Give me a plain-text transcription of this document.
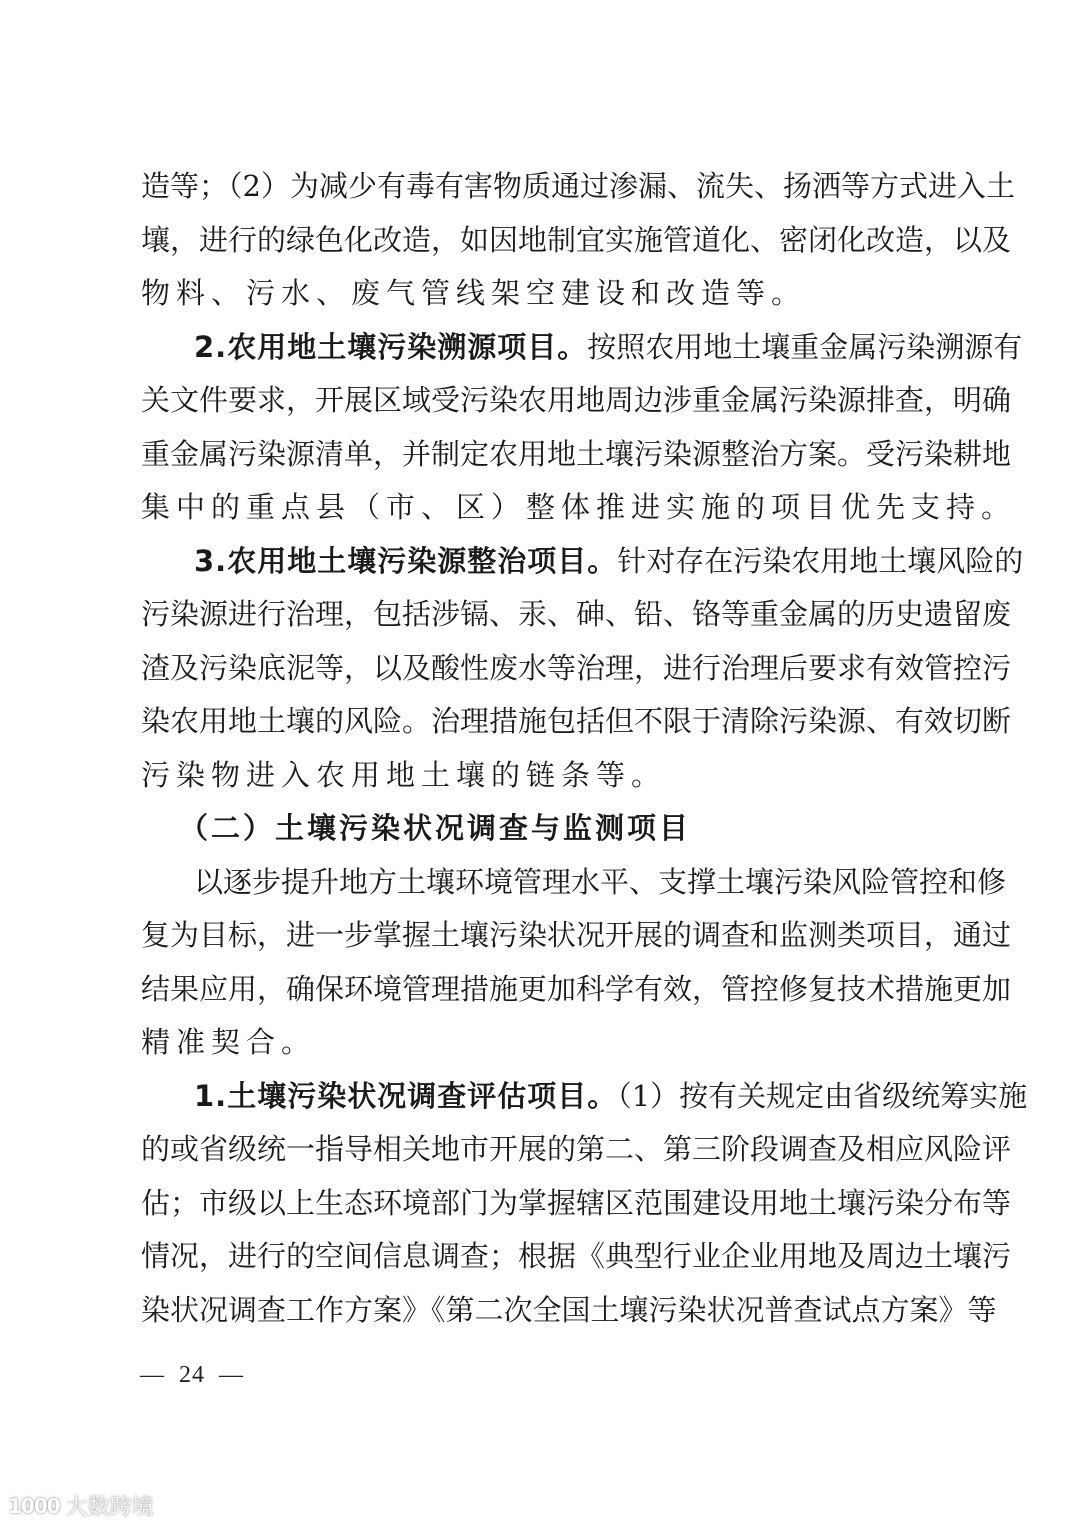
造等；（2）为减少有毒有害物质通过渗漏、流失、扬洒等方式进入土
壤，进行的绿色化改造，如因地制宜实施管道化、密闭化改造，以及
物料、污水、废气管线架空建设和改造等。
2.农用地土壤污染溯源项目。按照农用地土壤重金属污染溯源有
关文件要求，开展区域受污染农用地周边涉重金属污染源排查，明确
重金属污染源清单，并制定农用地土壤污染源整治方案。受污染耕地
集中的重点县（市、区）整体推进实施的项目优先支持。
3.农用地土壤污染源整治项目。针对存在污染农用地土壤风险的
污染源进行治理，包括涉镉、汞、砷、铅、铬等重金属的历史遗留废
渣及污染底泥等，以及酸性废水等治理，进行治理后要求有效管控污
染农用地土壤的风险。治理措施包括但不限于清除污染源、有效切断
污染物进入农用地土壤的链条等。
（二）土壤污染状况调查与监测项目
以逐步提升地方土壤环境管理水平、支撑土壤污染风险管控和修
复为目标，进一步掌握土壤污染状况开展的调查和监测类项目，通过
结果应用，确保环境管理措施更加科学有效，管控修复技术措施更加
精准契合。
1.土壤污染状况调查评估项目。（1）按有关规定由省级统筹实施
的或省级统一指导相关地市开展的第二、第三阶段调查及相应风险评
估；市级以上生态环境部门为掌握辖区范围建设用地土壤污染分布等
情况，进行的空间信息调查；根据《典型行业企业用地及周边土壤污
染状况调查工作方案》《第二次全国土壤污染状况普查试点方案》等
—  24  —
1000 大数跨境
